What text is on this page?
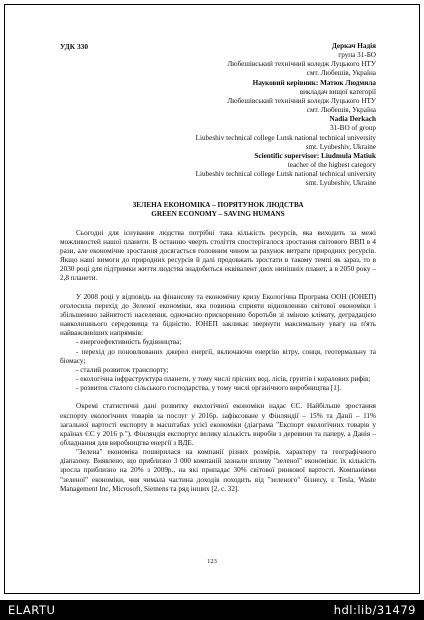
УДК 330	Деркач Надія
група 31-БО
Любешівський технічний коледж Луцького НТУ
смт. Любешів, Україна
Науковий керівник: Матюк Людмила
викладач вищої категорії
Любешівський технічний коледж Луцького НТУ
смт. Любешів, Україна
Nadia Derkach
31-BO of group
Liubeshiv technical college Lutsk national technical university
smt. Lyubeshiv, Ukraine
Scientific supervisor: Liudmula Matiuk
teacher of the highest category
Liubeshiv technical college Lutsk national technical university
smt. Lyubeshiv, Ukraine
ЗЕЛЕНА ЕКОНОМІКА – ПОРЯТУНОК ЛЮДСТВА
GREEN ECONOMY – SAVING HUMANS

Сьогодні для існування людства потрібні така кількість ресурсів, яка виходить за межі можливостей нашої планети. В останню чверть століття спостерігалося зростання світового ВВП в 4 рази, але економічне зростання досягається головним чином за рахунок витрати природних ресурсів. Якщо наші вимоги до природних ресурсів й далі продовжать зростати в такому темпі як зараз, то в 2030 році для підтримки життя людства знадобиться еквівалент двох нинішніх планет, а в 2050 року – 2,8 планети.

У 2008 році у відповідь на фінансову та економічну кризу Екологічна Програма ООН (ЮНЕП) оголосила перехід до Зеленої економіки, яка повинна сприяти відновленню світової економіки і збільшенню зайнятості населення, одночасно прискоренню боротьби зі зміною клімату, деградацією навколишнього середовища та бідністю. ЮНЕП закликає звернути максимальну увагу на п'ять найважливіших напрямків:

- енергоефективність будівництва;

- перехід до поновлюваних джерел енергії, включаючи енергію вітру, сонця, геотермальну та біомасу;

- сталий розвиток транспорту;

- екологічна інфраструктура планети, у тому числі прісних вод, лісів, грунтів і коралових рифів;

- розвиток сталого сільського господарства, у тому числі органічного виробництва [1].

Окремі статистичні дані розвитку екологічної економіки надає ЄС. Найбільше зростання експорту екологічних товарів за послуг у 2016р. зафіксоване у Фінляндії – 15% та Данії – 11% загальної вартості експорту в масштабах усієї економіки (діаграма "Експорт екологічних товарів у країнах ЄС у 2016 р."). Фінляндія експортує велику кількість виробів з деревини та паперу, а Данія – обладнання для виробництва енергії з ВДЕ.

"Зелена" економіка поширилася на компанії різних розмірів, характеру та географічного діапазону. Виявлено, що приблизно 3 000 компаній зазнали впливу "зеленої" економіки: їх кількість зросла приблизно на 20% з 2009р., на які припадає 30% світової ринкової вартості. Компаніями "зеленої" економіки, чия чимала частина доходів походить від "зеленого" бізнесу, є Tesla, Waste Management Inc, Microsoft, Siemens та ряд інших [2, с. 32].

123
ELARTU	hdl:lib/31479
